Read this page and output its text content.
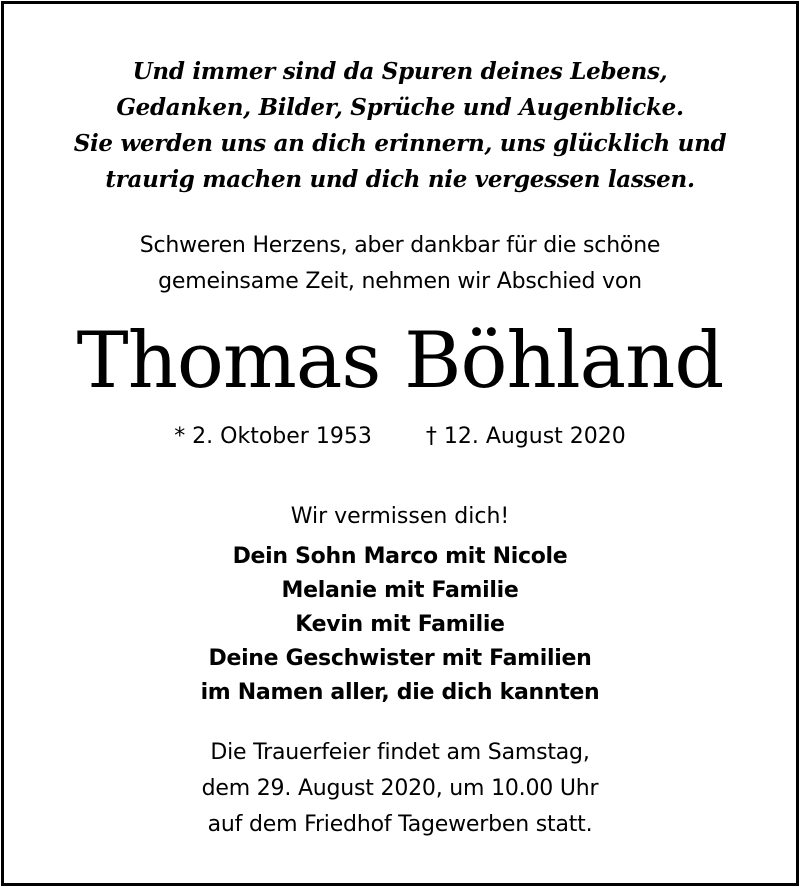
Und immer sind da Spuren deines Lebens,
Gedanken, Bilder, Sprüche und Augenblicke.
Sie werden uns an dich erinnern, uns glücklich und
traurig machen und dich nie vergessen lassen.
Schweren Herzens, aber dankbar für die schöne
gemeinsame Zeit, nehmen wir Abschied von
Thomas Böhland
* 2. Oktober 1953 † 12. August 2020
Wir vermissen dich!
Dein Sohn Marco mit Nicole
Melanie mit Familie
Kevin mit Familie
Deine Geschwister mit Familien
im Namen aller, die dich kannten
Die Trauerfeier findet am Samstag,
dem 29. August 2020, um 10.00 Uhr
auf dem Friedhof Tagewerben statt.
